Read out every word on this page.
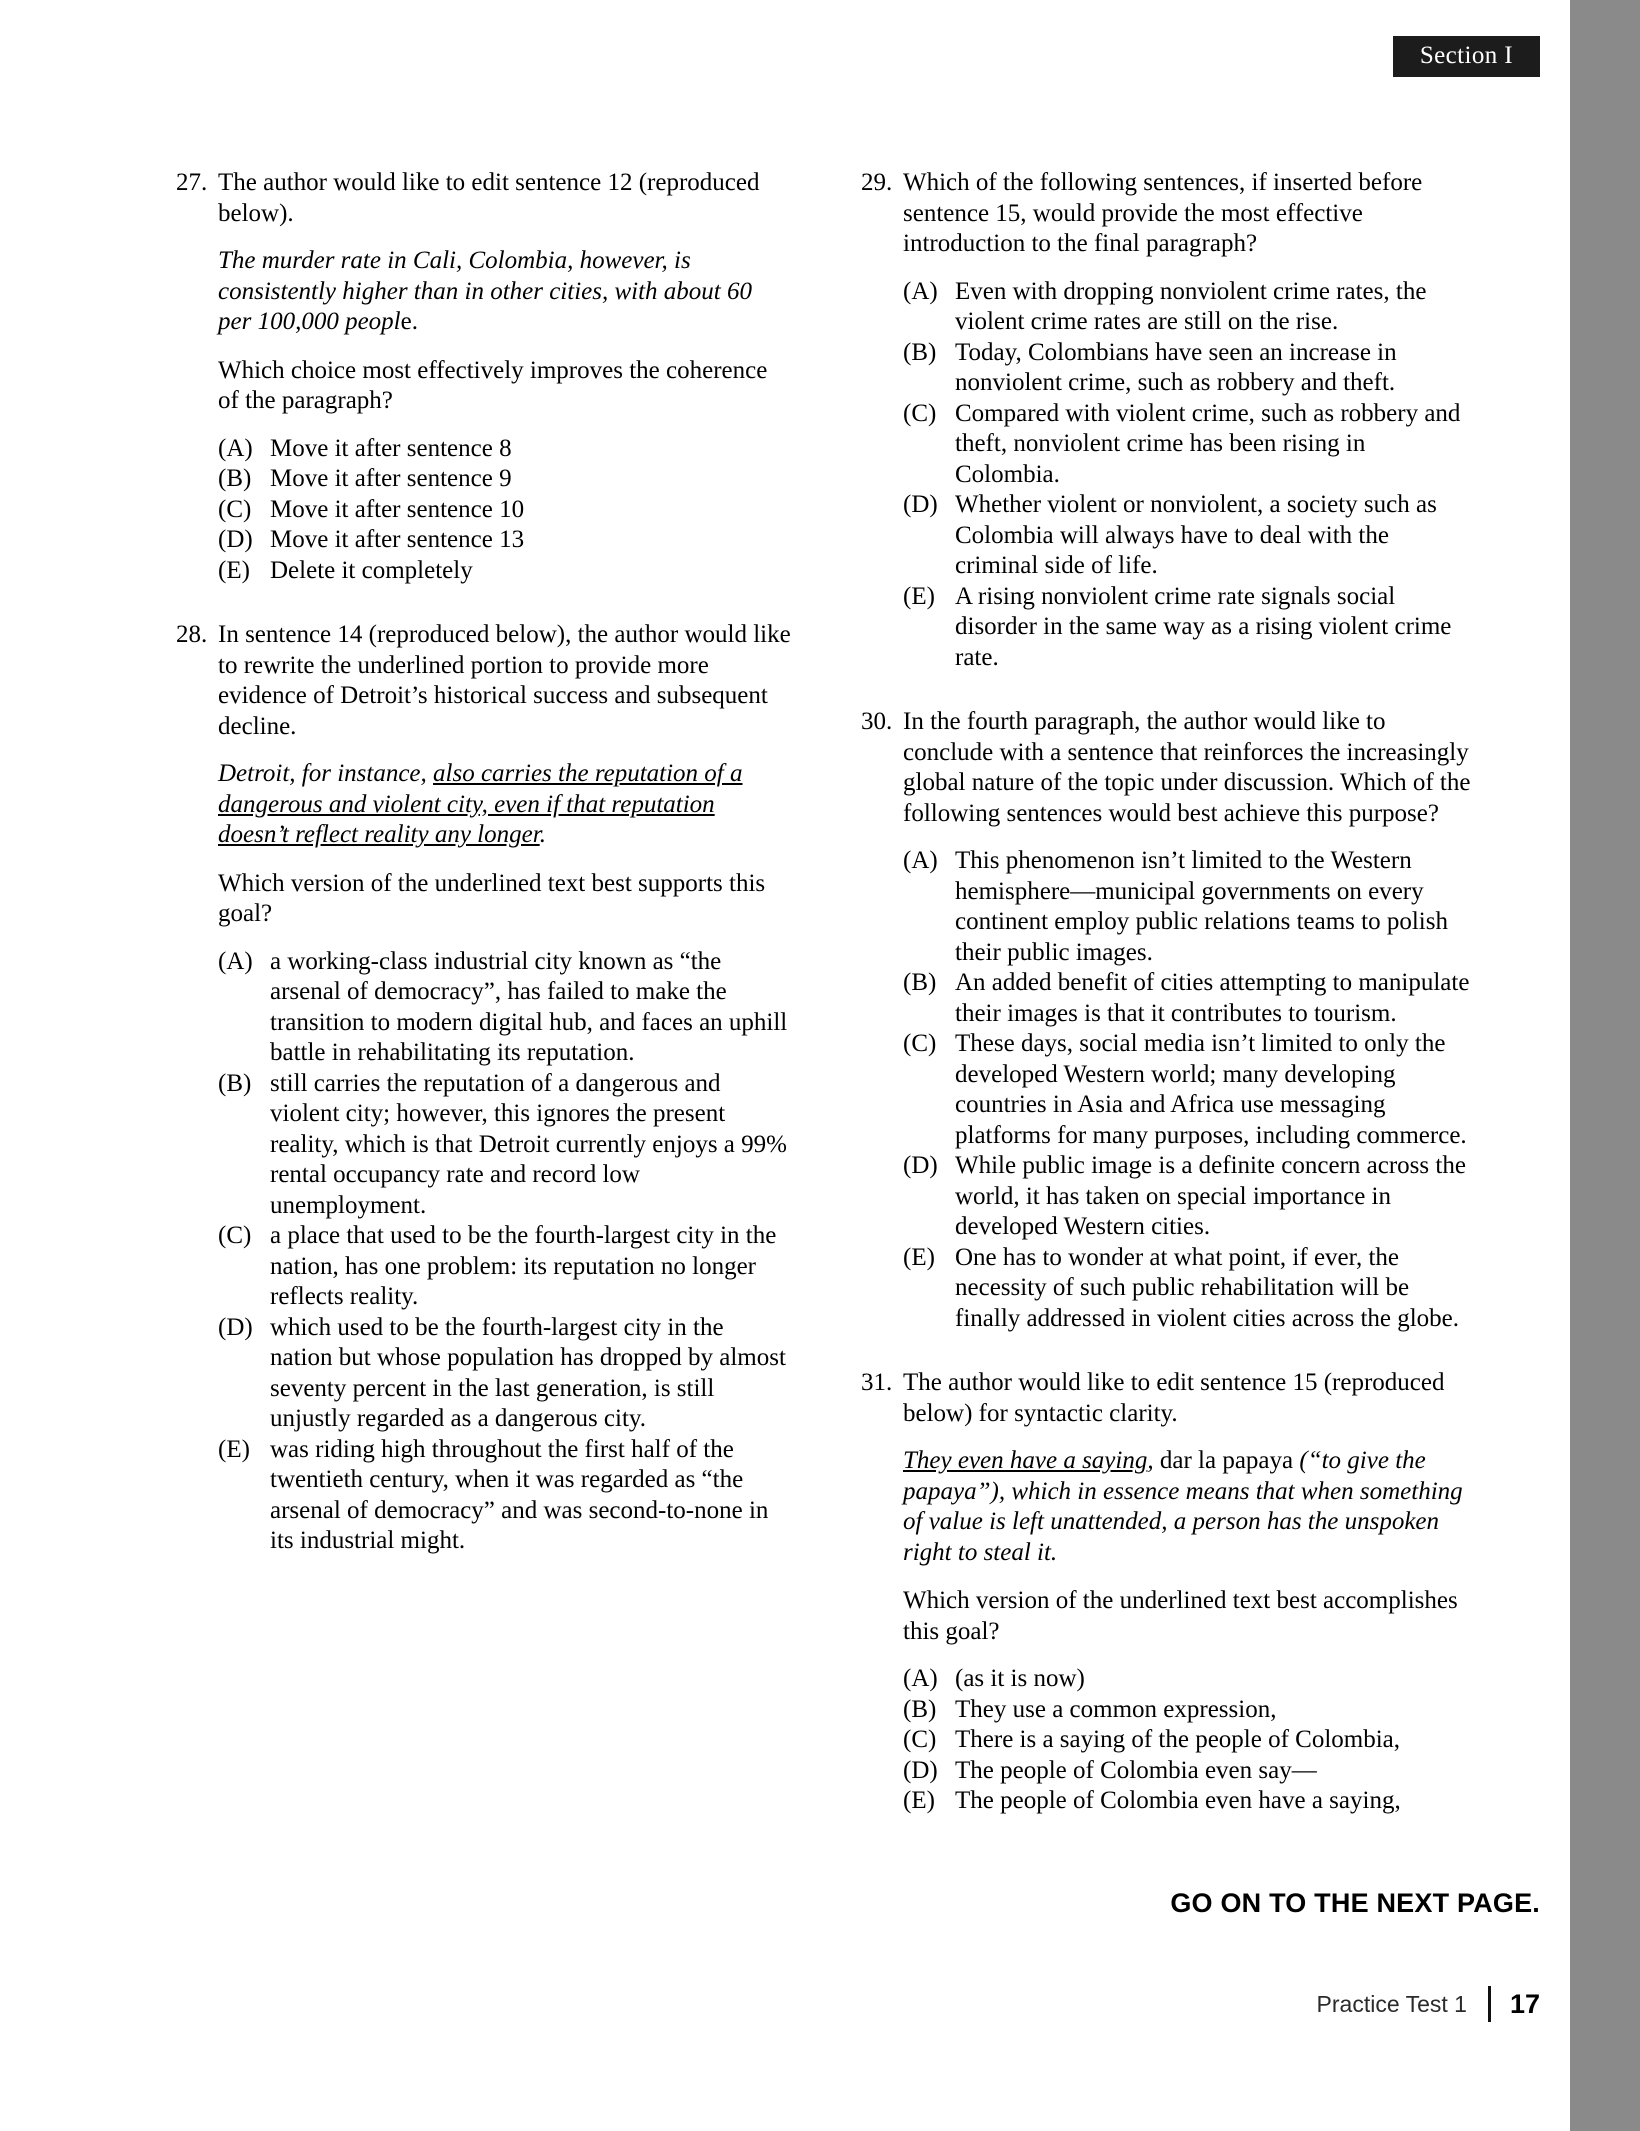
Section I
27. The author would like to edit sentence 12 (reproduced below).

The murder rate in Cali, Colombia, however, is consistently higher than in other cities, with about 60 per 100,000 people.

Which choice most effectively improves the coherence of the paragraph?

(A) Move it after sentence 8
(B) Move it after sentence 9
(C) Move it after sentence 10
(D) Move it after sentence 13
(E) Delete it completely
28. In sentence 14 (reproduced below), the author would like to rewrite the underlined portion to provide more evidence of Detroit’s historical success and subsequent decline.

Detroit, for instance, also carries the reputation of a dangerous and violent city, even if that reputation doesn’t reflect reality any longer.

Which version of the underlined text best supports this goal?

(A) a working-class industrial city known as “the arsenal of democracy”, has failed to make the transition to modern digital hub, and faces an uphill battle in rehabilitating its reputation.
(B) still carries the reputation of a dangerous and violent city; however, this ignores the present reality, which is that Detroit currently enjoys a 99% rental occupancy rate and record low unemployment.
(C) a place that used to be the fourth-largest city in the nation, has one problem: its reputation no longer reflects reality.
(D) which used to be the fourth-largest city in the nation but whose population has dropped by almost seventy percent in the last generation, is still unjustly regarded as a dangerous city.
(E) was riding high throughout the first half of the twentieth century, when it was regarded as “the arsenal of democracy” and was second-to-none in its industrial might.
29. Which of the following sentences, if inserted before sentence 15, would provide the most effective introduction to the final paragraph?

(A) Even with dropping nonviolent crime rates, the violent crime rates are still on the rise.
(B) Today, Colombians have seen an increase in nonviolent crime, such as robbery and theft.
(C) Compared with violent crime, such as robbery and theft, nonviolent crime has been rising in Colombia.
(D) Whether violent or nonviolent, a society such as Colombia will always have to deal with the criminal side of life.
(E) A rising nonviolent crime rate signals social disorder in the same way as a rising violent crime rate.
30. In the fourth paragraph, the author would like to conclude with a sentence that reinforces the increasingly global nature of the topic under discussion. Which of the following sentences would best achieve this purpose?

(A) This phenomenon isn’t limited to the Western hemisphere—municipal governments on every continent employ public relations teams to polish their public images.
(B) An added benefit of cities attempting to manipulate their images is that it contributes to tourism.
(C) These days, social media isn’t limited to only the developed Western world; many developing countries in Asia and Africa use messaging platforms for many purposes, including commerce.
(D) While public image is a definite concern across the world, it has taken on special importance in developed Western cities.
(E) One has to wonder at what point, if ever, the necessity of such public rehabilitation will be finally addressed in violent cities across the globe.
31. The author would like to edit sentence 15 (reproduced below) for syntactic clarity.

They even have a saying, dar la papaya (“to give the papaya”), which in essence means that when something of value is left unattended, a person has the unspoken right to steal it.

Which version of the underlined text best accomplishes this goal?

(A) (as it is now)
(B) They use a common expression,
(C) There is a saying of the people of Colombia,
(D) The people of Colombia even say—
(E) The people of Colombia even have a saying,
GO ON TO THE NEXT PAGE.
Practice Test 1 17
